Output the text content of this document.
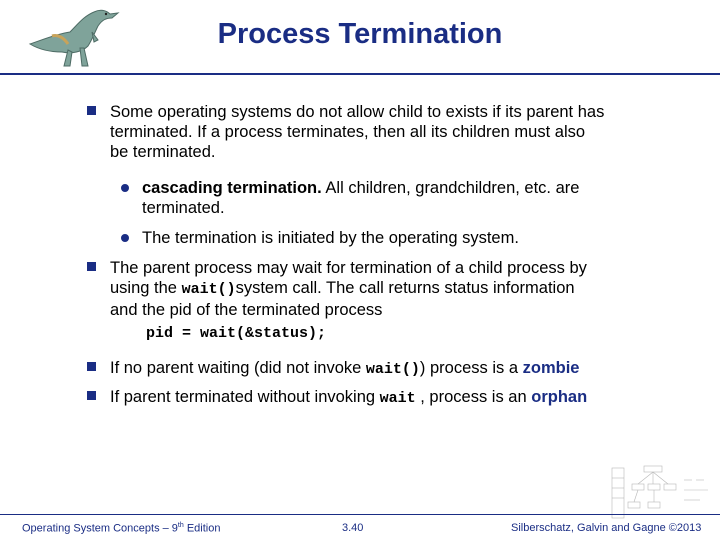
Process Termination
Some operating systems do not allow child to exists if its parent has
terminated. If a process terminates, then all its children must also
be terminated.
cascading termination. All children, grandchildren, etc. are
terminated.
The termination is initiated by the operating system.
The parent process may wait for termination of a child process by
using the wait()system call. The call returns status information
and the pid of the terminated process
pid = wait(&status);
If no parent waiting (did not invoke wait()) process is a zombie
If parent terminated without invoking wait , process is an orphan
Operating System Concepts – 9th Edition	3.40	Silberschatz, Galvin and Gagne ©2013
